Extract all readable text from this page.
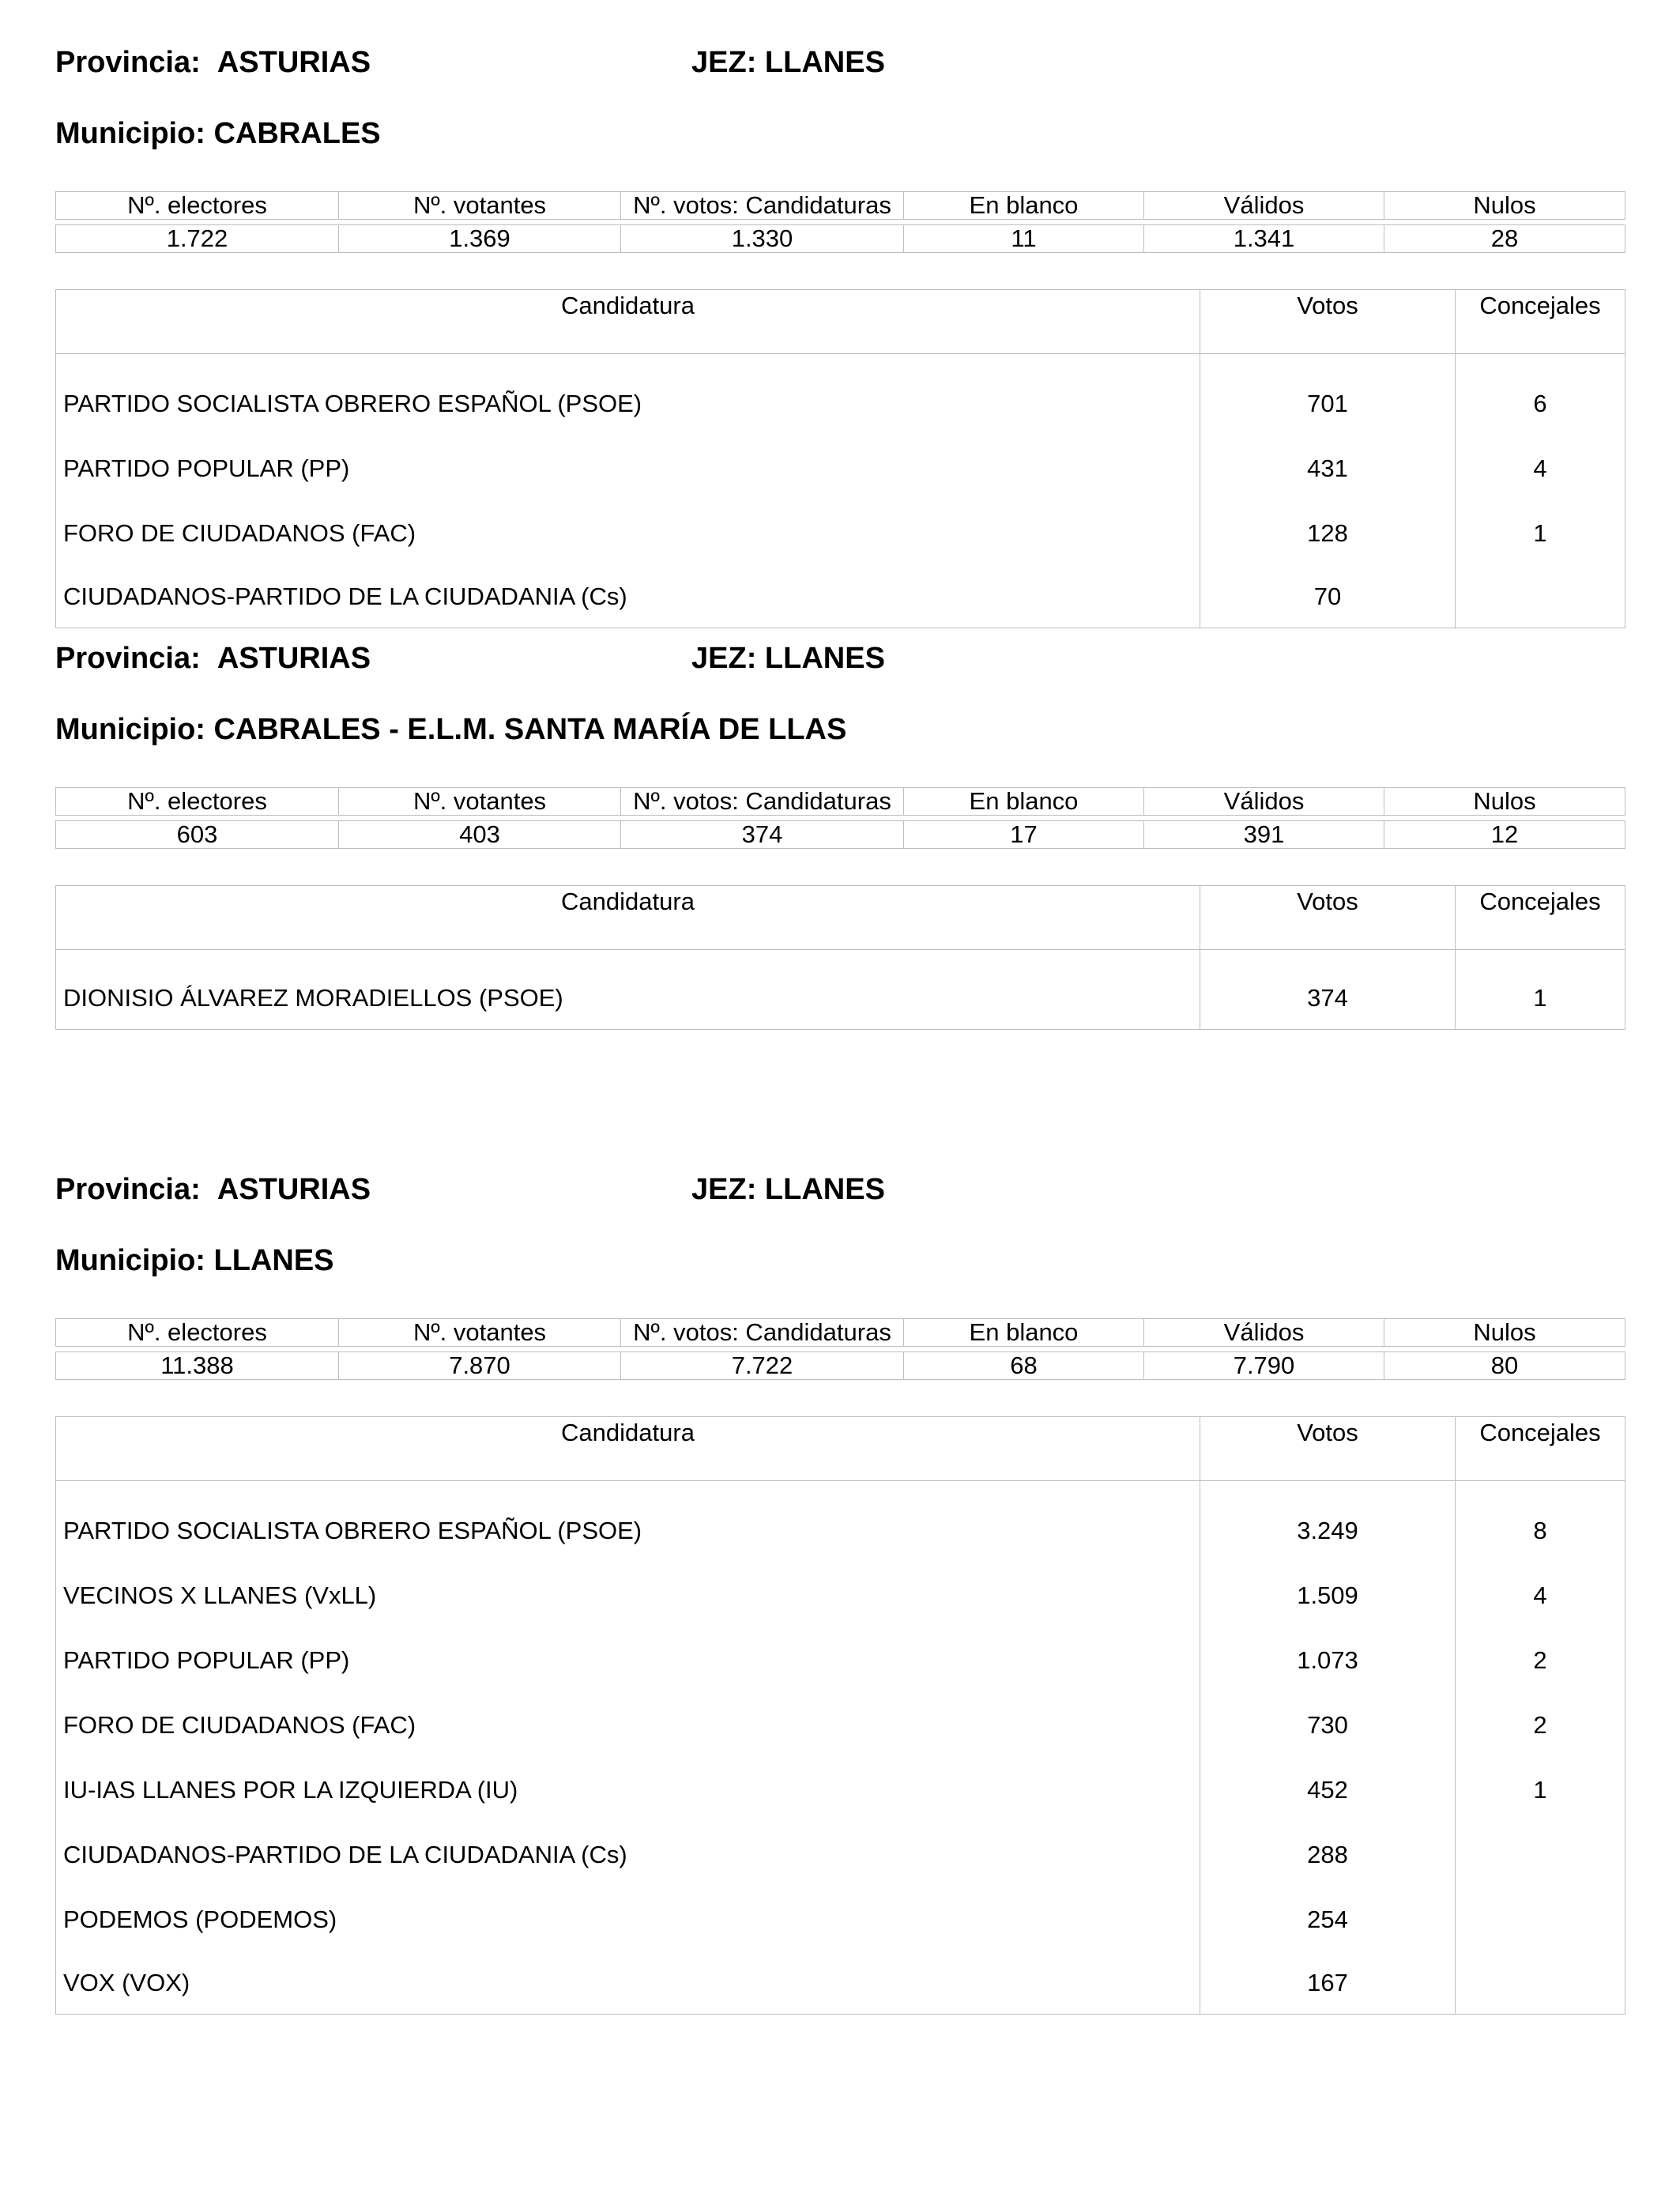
Provincia: ASTURIAS	JEZ: LLANES
Municipio: CABRALES
Nº. electores	Nº. votantes	Nº. votos: Candidaturas	En blanco	Válidos	Nulos

1.722	1.369	1.330	11	1.341	28
Candidatura	Votos	Concejales
PARTIDO SOCIALISTA OBRERO ESPAÑOL (PSOE)	701	6
PARTIDO POPULAR (PP)	431	4
FORO DE CIUDADANOS (FAC)	128	1
CIUDADANOS-PARTIDO DE LA CIUDADANIA (Cs)	70	
Provincia: ASTURIAS	JEZ: LLANES
Municipio: CABRALES - E.L.M. SANTA MARÍA DE LLAS
Nº. electores	Nº. votantes	Nº. votos: Candidaturas	En blanco	Válidos	Nulos

603	403	374	17	391	12
Candidatura	Votos	Concejales
DIONISIO ÁLVAREZ MORADIELLOS (PSOE)	374	1
Provincia: ASTURIAS	JEZ: LLANES
Municipio: LLANES
Nº. electores	Nº. votantes	Nº. votos: Candidaturas	En blanco	Válidos	Nulos

11.388	7.870	7.722	68	7.790	80
Candidatura	Votos	Concejales
PARTIDO SOCIALISTA OBRERO ESPAÑOL (PSOE)	3.249	8
VECINOS X LLANES (VxLL)	1.509	4
PARTIDO POPULAR (PP)	1.073	2
FORO DE CIUDADANOS (FAC)	730	2
IU-IAS LLANES POR LA IZQUIERDA (IU)	452	1
CIUDADANOS-PARTIDO DE LA CIUDADANIA (Cs)	288	
PODEMOS (PODEMOS)	254	
VOX (VOX)	167	
